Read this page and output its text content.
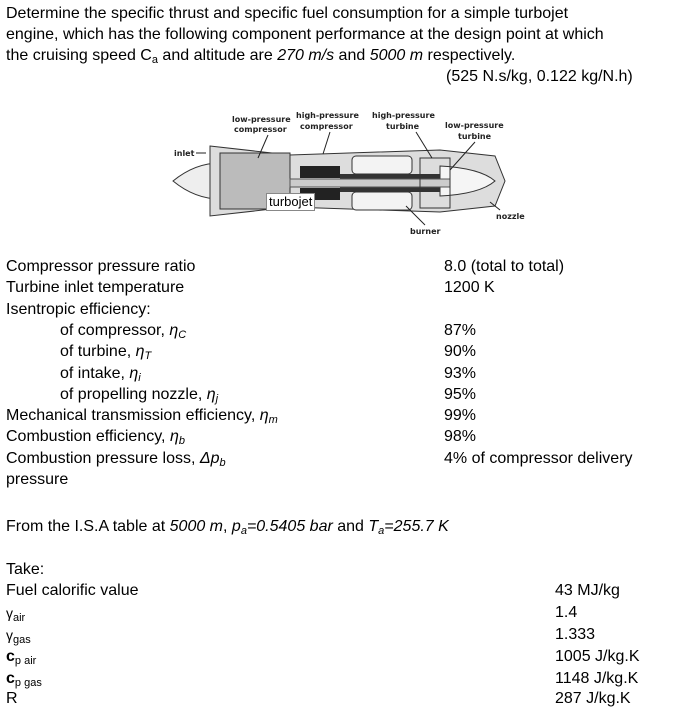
Determine the specific thrust and specific fuel consumption for a simple turbojet
engine, which has the following component performance at the design point at which
the cruising speed $C_a$ and altitude are 270 m/s and 5000 m respectively.
(525 N.s/kg, 0.122 kg/N.h)
low-pressure
compressor
high-pressure
compressor
high-pressure
turbine	low-pressure
turbine
inlet
nozzle
burner
turbojet
From the I.S.A table at 5000 m, $p_a=0.5405$ bar and $T_a=255.7$ K
Take:
Compressor pressure ratio	8.0 (total to total)
Turbine inlet temperature	1200 K
Isentropic efficiency:
of compressor, $\eta_C$	87%
of turbine, $\eta_T$	90%
of intake, $\eta_i$	93%
of propelling nozzle, $\eta_j$	95%
Mechanical transmission efficiency, $\eta_m$	99%
Combustion efficiency, $\eta_b$	98%
Combustion pressure loss, $\Delta p_b$	4% of compressor delivery
pressure
Fuel calorific value	43 MJ/kg
$\gamma_{air}$	1.4
$\gamma_{gas}$	1.333
$c_{p air}$	1005 J/kg.K
$c_{p gas}$	1148 J/kg.K
R	287 J/kg.K
